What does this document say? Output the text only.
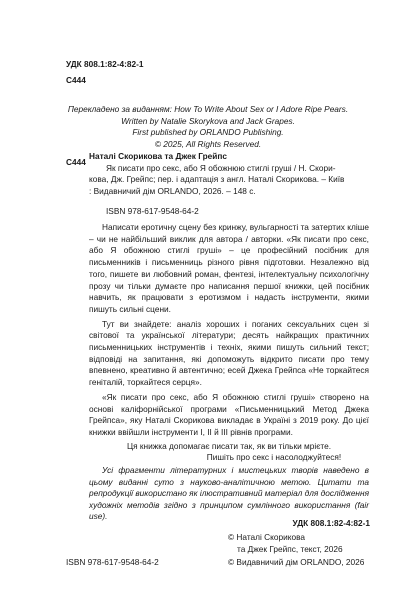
УДК 808.1:82-4:82-1
С444
Перекладено за виданням: How To Write About Sex or I Adore Ripe Pears.
Written by Natalie Skorykova and Jack Grapes.
First published by ORLANDO Publishing.
© 2025, All Rights Reserved.
С444
Наталі Скорикова та Джек Грейпс
Як писати про секс, або Я обожнюю стиглі груші / Н. Скори-
кова, Дж. Грейпс; пер. і адаптація з англ. Наталі Скорикова. – Київ
: Видавничий дім ORLANDO, 2026. – 148 с.
ISBN 978-617-9548-64-2

Написати еротичну сцену без кринжу, вульгарності та затертих кліше – чи не найбільший виклик для автора / авторки. «Як писати про секс, або Я обожнюю стиглі груші» – це професійний посібник для письменників і письменниць різного рівня підготовки. Незалежно від того, пишете ви любовний роман, фентезі, інтелектуальну психологічну прозу чи тільки думаєте про написання першої книжки, цей посібник навчить, як працювати з еротизмом і надасть інструменти, якими пишуть сильні сцени.

Тут ви знайдете: аналіз хороших і поганих сексуальних сцен зі світової та української літератури; десять найкращих практичних письменницьких інструментів і техніх, якими пишуть сильний текст; відповіді на запитання, які допоможуть відкрито писати про тему впевнено, креативно й автентично; есей Джека Грейпса «Не торкайтеся геніталій, торкайтеся серця».

«Як писати про секс, або Я обожнюю стиглі груші» створено на основі каліфорнійської програми «Письменницький Метод Джека Грейпса», яку Наталі Скорикова викладає в Україні з 2019 року. До цієї книжки ввійшли інструменти I, II й III рівнів програми.

Ця книжка допомагає писати так, як ви тільки мрієте.
Пишіть про секс і насолоджуйтеся!
Усі фрагменти літературних і мистецьких творів наведено в цьому виданні суто з науково-аналітичною метою. Цитати та репродукції використано як ілюстративний матеріал для дослідження художніх методів згідно з принципом сумлінного використання (fair use).
УДК 808.1:82-4:82-1
© Наталі Скорикова
та Джек Грейпс, текст, 2026
ISBN 978-617-9548-64-2	© Видавничий дім ORLANDO, 2026
